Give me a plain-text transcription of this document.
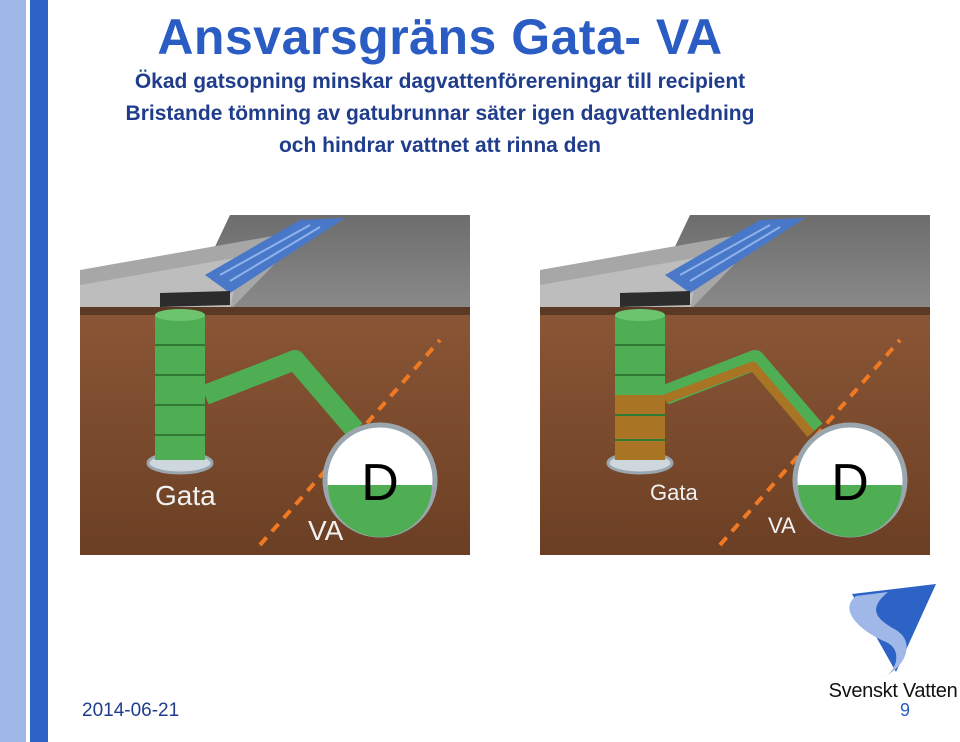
Ansvarsgräns Gata- VA
Ökad gatsopning minskar dagvattenförereningar till recipient
Bristande tömning av gatubrunnar säter igen dagvattenledning
och hindrar vattnet att rinna den
D
Gata
VA
D
Gata
VA
Svenskt Vatten
2014-06-21	9
